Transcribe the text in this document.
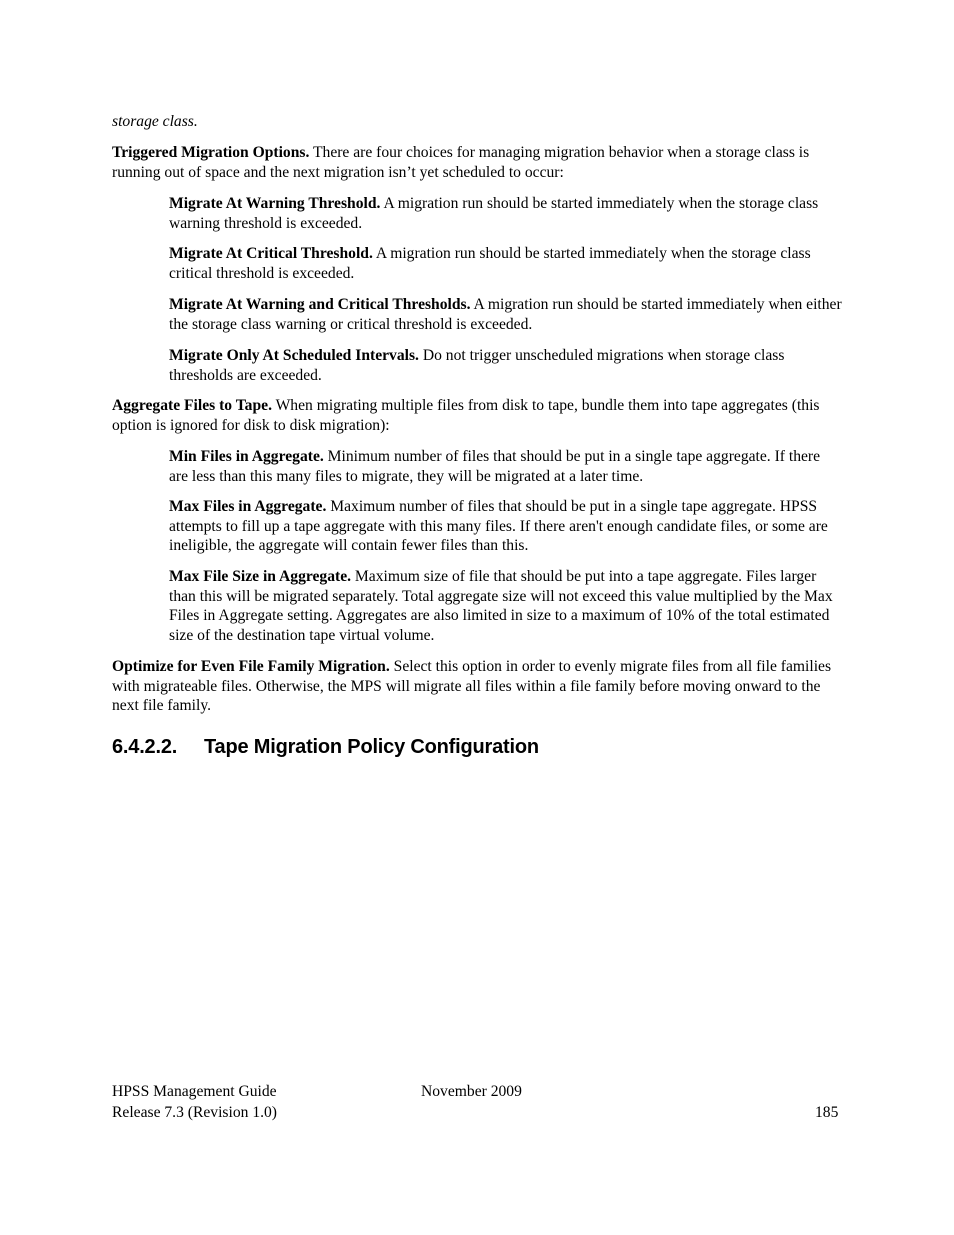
storage class.

Triggered Migration Options. There are four choices for managing migration behavior when a storage class is running out of space and the next migration isn’t yet scheduled to occur:

Migrate At Warning Threshold. A migration run should be started immediately when the storage class warning threshold is exceeded.

Migrate At Critical Threshold. A migration run should be started immediately when the storage class critical threshold is exceeded.

Migrate At Warning and Critical Thresholds. A migration run should be started immediately when either the storage class warning or critical threshold is exceeded.

Migrate Only At Scheduled Intervals. Do not trigger unscheduled migrations when storage class thresholds are exceeded.

Aggregate Files to Tape. When migrating multiple files from disk to tape, bundle them into tape aggregates (this option is ignored for disk to disk migration):

Min Files in Aggregate. Minimum number of files that should be put in a single tape aggregate. If there are less than this many files to migrate, they will be migrated at a later time.

Max Files in Aggregate. Maximum number of files that should be put in a single tape aggregate. HPSS attempts to fill up a tape aggregate with this many files. If there aren't enough candidate files, or some are ineligible, the aggregate will contain fewer files than this.

Max File Size in Aggregate. Maximum size of file that should be put into a tape aggregate. Files larger than this will be migrated separately. Total aggregate size will not exceed this value multiplied by the Max Files in Aggregate setting. Aggregates are also limited in size to a maximum of 10% of the total estimated size of the destination tape virtual volume.

Optimize for Even File Family Migration. Select this option in order to evenly migrate files from all file families with migrateable files. Otherwise, the MPS will migrate all files within a file family before moving onward to the next file family.

6.4.2.2. Tape Migration Policy Configuration
HPSS Management Guide
Release 7.3 (Revision 1.0)
November 2009
185
